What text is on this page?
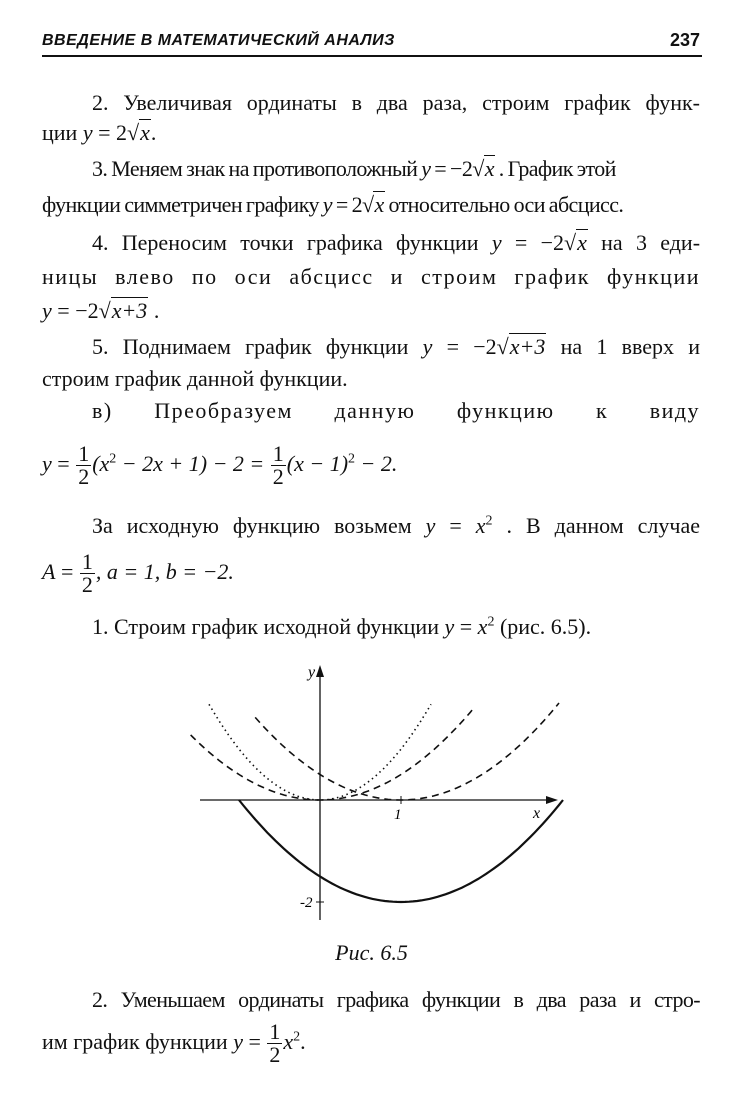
ВВЕДЕНИЕ В МАТЕМАТИЧЕСКИЙ АНАЛИЗ	237

2. Увеличивая ординаты в два раза, строим график функ-

ции y = 2√x.

3. Меняем знак на противоположный y = −2√x . График этой

функции симметричен графику y = 2√x относительно оси абсцисс.

4. Переносим точки графика функции y = −2√x на 3 еди-

ницы влево по оси абсцисс и строим график функции

y = −2√x+3 .

5. Поднимаем график функции y = −2√x+3 на 1 вверх и

строим график данной функции.

в) Преобразуем данную функцию к виду

$y = \frac{1}{2} (x^2 - 2x + 1) - 2 = \frac{1}{2} (x - 1)^2 - 2$.

За исходную функцию возьмем $y = x^2$ . В данном случае

$A = \frac{1}{2}$ , a = 1, b = −2.

1. Строим график исходной функции $y = x^2$ (рис. 6.5).

y
x
1
-2
Рис. 6.5

2. Уменьшаем ординаты графика функции в два раза и стро-

им график функции $y = \frac{1}{2} x^2$.
